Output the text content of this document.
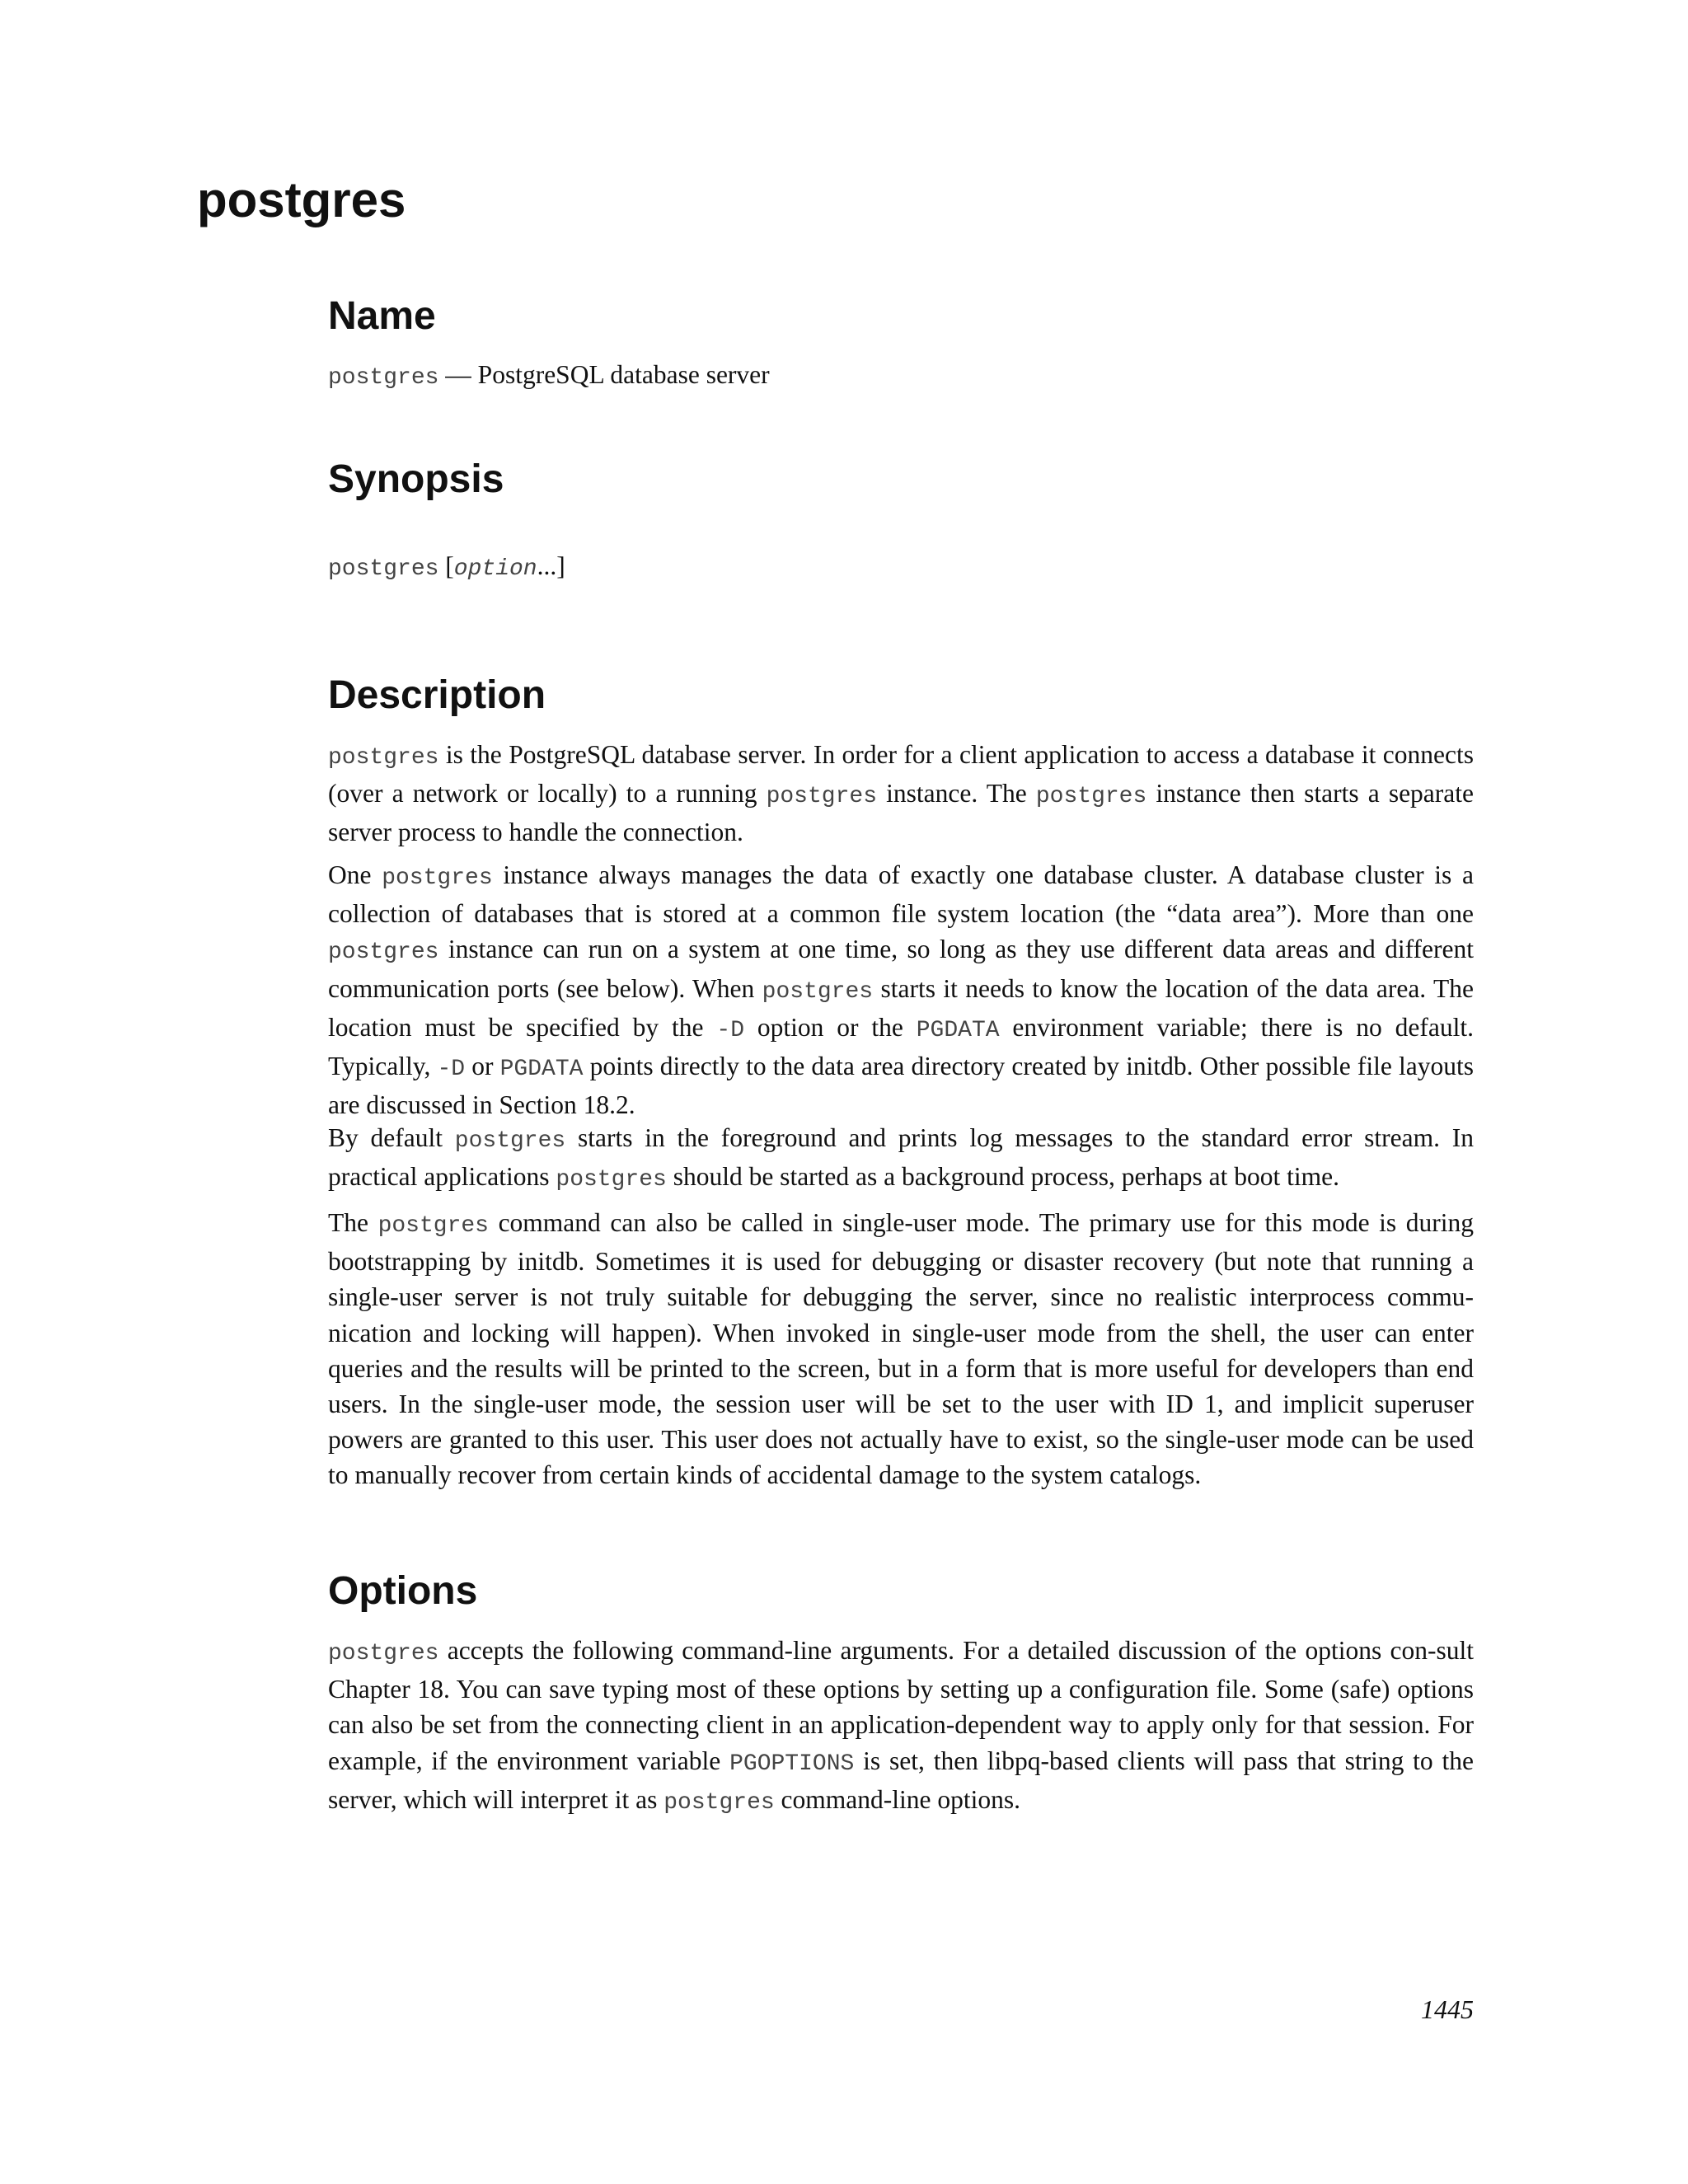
postgres
Name

postgres — PostgreSQL database server

Synopsis

postgres [option...]

Description

postgres is the PostgreSQL database server. In order for a client application to access a database it connects (over a network or locally) to a running postgres instance. The postgres instance then starts a separate server process to handle the connection.

One postgres instance always manages the data of exactly one database cluster. A database cluster is a collection of databases that is stored at a common file system location (the “data area”). More than one postgres instance can run on a system at one time, so long as they use different data areas and different communication ports (see below). When postgres starts it needs to know the location of the data area. The location must be specified by the -D option or the PGDATA environment variable; there is no default. Typically, -D or PGDATA points directly to the data area directory created by initdb. Other possible file layouts are discussed in Section 18.2.

By default postgres starts in the foreground and prints log messages to the standard error stream. In practical applications postgres should be started as a background process, perhaps at boot time.

The postgres command can also be called in single-user mode. The primary use for this mode is during bootstrapping by initdb. Sometimes it is used for debugging or disaster recovery (but note that running a single-user server is not truly suitable for debugging the server, since no realistic interprocess commu-nication and locking will happen). When invoked in single-user mode from the shell, the user can enter queries and the results will be printed to the screen, but in a form that is more useful for developers than end users. In the single-user mode, the session user will be set to the user with ID 1, and implicit superuser powers are granted to this user. This user does not actually have to exist, so the single-user mode can be used to manually recover from certain kinds of accidental damage to the system catalogs.

Options

postgres accepts the following command-line arguments. For a detailed discussion of the options con-sult Chapter 18. You can save typing most of these options by setting up a configuration file. Some (safe) options can also be set from the connecting client in an application-dependent way to apply only for that session. For example, if the environment variable PGOPTIONS is set, then libpq-based clients will pass that string to the server, which will interpret it as postgres command-line options.

1445
